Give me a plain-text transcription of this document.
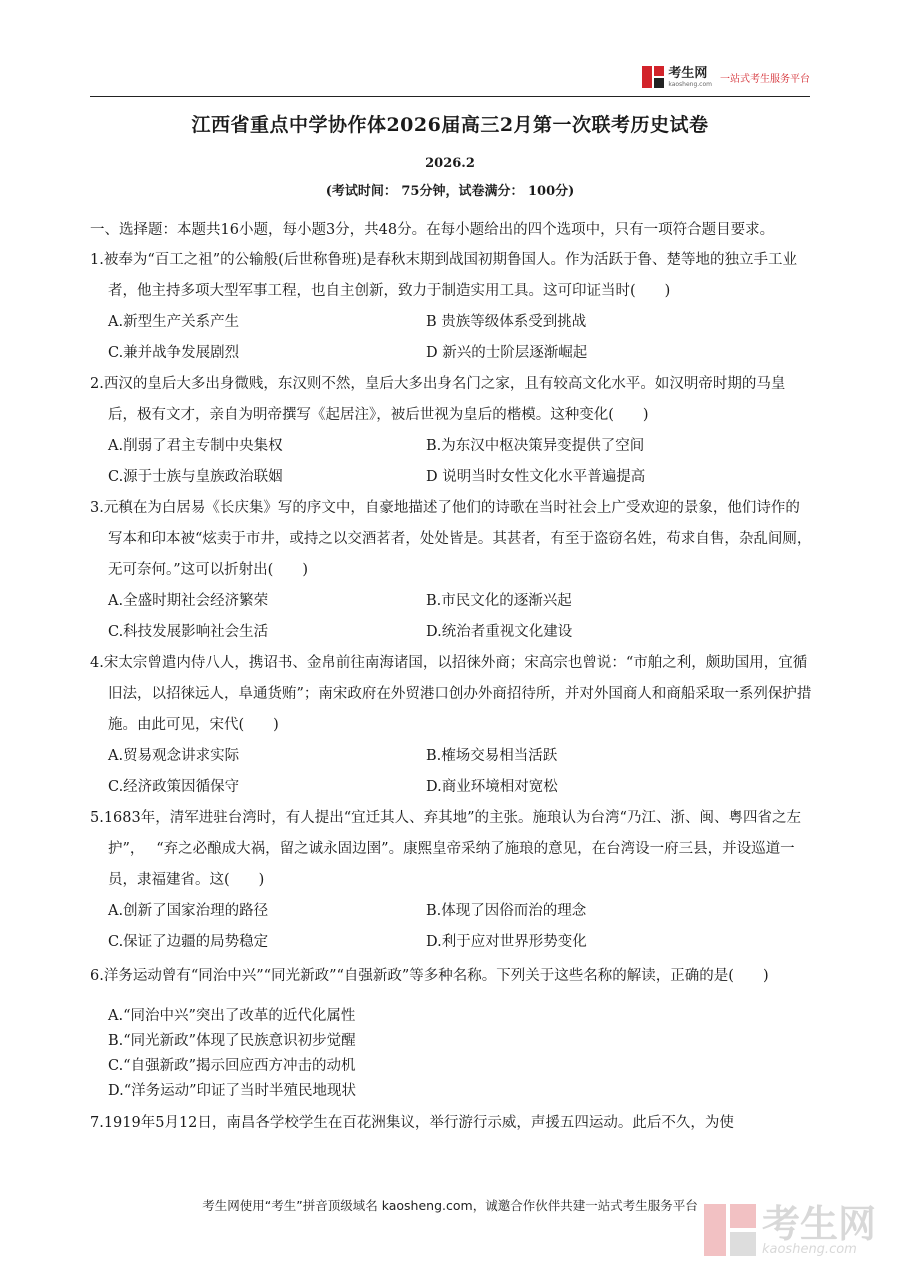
考生网
kaosheng.com 一站式考生服务平台
江西省重点中学协作体2026届高三2月第一次联考历史试卷
2026.2
(考试时间： 75分钟，试卷满分： 100分)

一、选择题：本题共16小题，每小题3分，共48分。在每小题给出的四个选项中，只有一项符合题目要求。

1.被奉为“百工之祖”的公输般(后世称鲁班)是春秋末期到战国初期鲁国人。作为活跃于鲁、楚等地的独立手工业者，他主持多项大型军事工程，也自主创新，致力于制造实用工具。这可印证当时(　　)

A.新型生产关系产生	B 贵族等级体系受到挑战
C.兼并战争发展剧烈	D 新兴的士阶层逐渐崛起

2.西汉的皇后大多出身微贱，东汉则不然，皇后大多出身名门之家，且有较高文化水平。如汉明帝时期的马皇后，极有文才，亲自为明帝撰写《起居注》，被后世视为皇后的楷模。这种变化(　　)

A.削弱了君主专制中央集权	B.为东汉中枢决策异变提供了空间
C.源于士族与皇族政治联姻	D 说明当时女性文化水平普遍提高

3.元稹在为白居易《长庆集》写的序文中，自豪地描述了他们的诗歌在当时社会上广受欢迎的景象，他们诗作的写本和印本被“炫卖于市井，或持之以交酒茗者，处处皆是。其甚者，有至于盗窃名姓，苟求自售，杂乱间厕，无可奈何。”这可以折射出(　　)

A.全盛时期社会经济繁荣	B.市民文化的逐渐兴起
C.科技发展影响社会生活	D.统治者重视文化建设

4.宋太宗曾遣内侍八人，携诏书、金帛前往南海诸国，以招徕外商；宋高宗也曾说：“市舶之利，颇助国用，宜循旧法，以招徕远人，阜通货贿”；南宋政府在外贸港口创办外商招待所，并对外国商人和商船采取一系列保护措施。由此可见，宋代(　　)

A.贸易观念讲求实际	B.榷场交易相当活跃
C.经济政策因循保守	D.商业环境相对宽松

5.1683年，清军进驻台湾时，有人提出“宜迁其人、弃其地”的主张。施琅认为台湾“乃江、浙、闽、粤四省之左护”，　 “弃之必酿成大祸，留之诚永固边圉”。康熙皇帝采纳了施琅的意见，在台湾设一府三县，并设巡道一员，隶福建省。这(　　)

A.创新了国家治理的路径	B.体现了因俗而治的理念
C.保证了边疆的局势稳定	D.利于应对世界形势变化

6.洋务运动曾有“同治中兴”“同光新政”“自强新政”等多种名称。下列关于这些名称的解读，正确的是(　　)

A.“同治中兴”突出了改革的近代化属性
B.“同光新政”体现了民族意识初步觉醒
C.“自强新政”揭示回应西方冲击的动机
D.“洋务运动”印证了当时半殖民地现状

7.1919年5月12日，南昌各学校学生在百花洲集议，举行游行示威，声援五四运动。此后不久，为使

考生网使用“考生”拼音顶级域名 kaosheng.com，诚邀合作伙伴共建一站式考生服务平台	考生网
kaosheng.com
